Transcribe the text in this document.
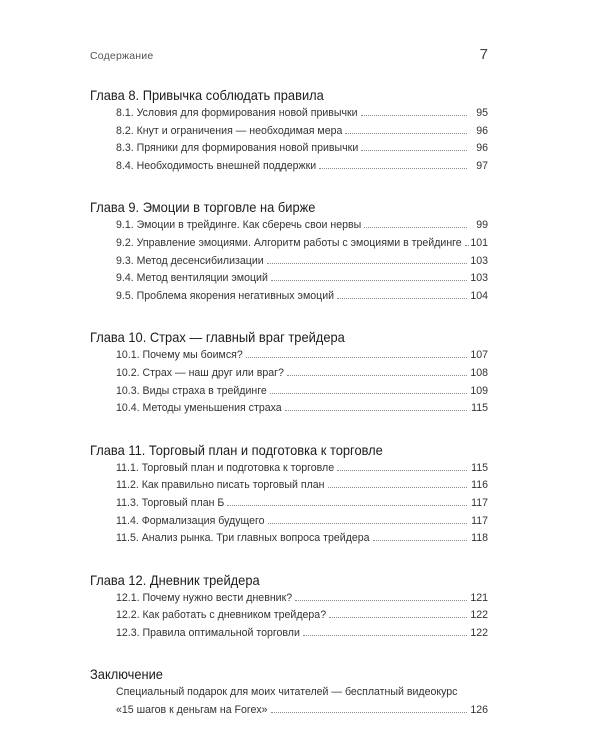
Содержание	7
Глава 8. Привычка соблюдать правила
8.1. Условия для формирования новой привычки	95
8.2. Кнут и ограничения — необходимая мера	96
8.3. Пряники для формирования новой привычки	96
8.4. Необходимость внешней поддержки	97
Глава 9. Эмоции в торговле на бирже
9.1. Эмоции в трейдинге. Как сберечь свои нервы	99
9.2. Управление эмоциями. Алгоритм работы с эмоциями в трейдинге 101
9.3. Метод десенсибилизации	103
9.4. Метод вентиляции эмоций	103
9.5. Проблема якорения негативных эмоций	104
Глава 10. Страх — главный враг трейдера
10.1. Почему мы боимся?	107
10.2. Страх — наш друг или враг?	108
10.3. Виды страха в трейдинге	109
10.4. Методы уменьшения страха	115
Глава 11. Торговый план и подготовка к торговле
11.1. Торговый план и подготовка к торговле	115
11.2. Как правильно писать торговый план	116
11.3. Торговый план Б	117
11.4. Формализация будущего	117
11.5. Анализ рынка. Три главных вопроса трейдера	118
Глава 12. Дневник трейдера
12.1. Почему нужно вести дневник?	121
12.2. Как работать с дневником трейдера?	122
12.3. Правила оптимальной торговли	122
Заключение
Специальный подарок для моих читателей — бесплатный видеокурс
«15 шагов к деньгам на Forex»	126
